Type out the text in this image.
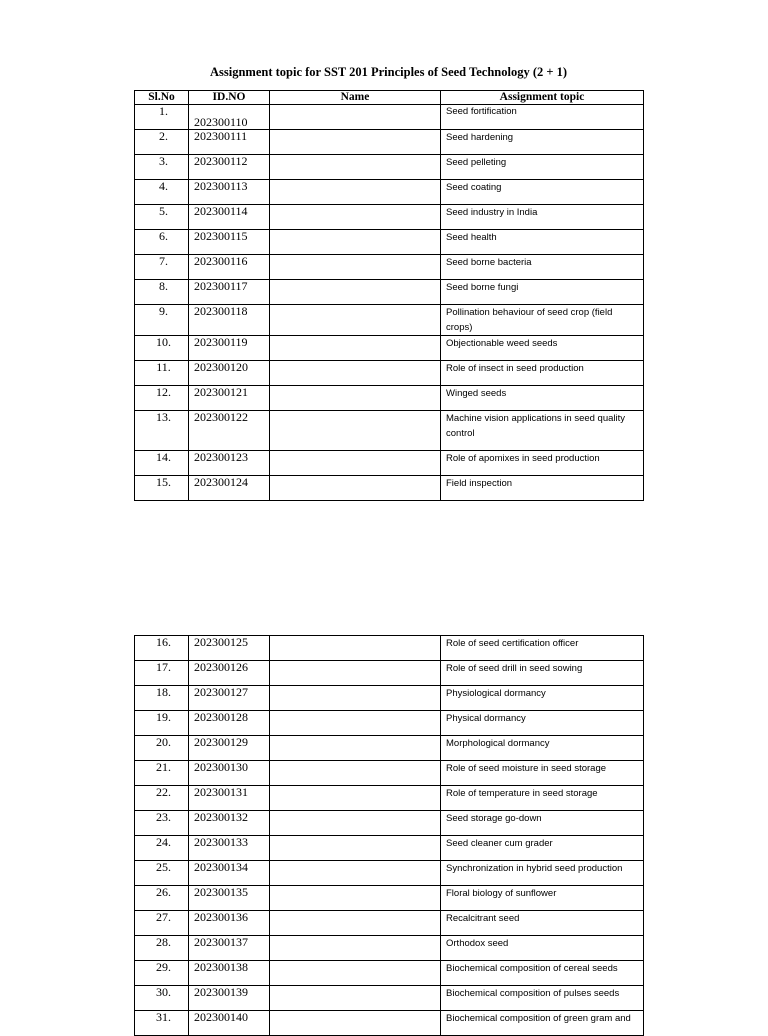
Assignment topic for SST 201 Principles of Seed Technology (2 + 1)
Sl.No	ID.NO	Name	Assignment topic
1.	202300110		Seed fortification
2.	202300111		Seed hardening
3.	202300112		Seed pelleting
4.	202300113		Seed coating
5.	202300114		Seed industry in India
6.	202300115		Seed health
7.	202300116		Seed borne bacteria
8.	202300117		Seed borne fungi
9.	202300118		Pollination behaviour of seed crop (field crops)
10.	202300119		Objectionable weed seeds
11.	202300120		Role of insect in seed production
12.	202300121		Winged seeds
13.	202300122		Machine vision applications in seed quality control
14.	202300123		Role of apomixes in seed production
15.	202300124		Field inspection
16.	202300125		Role of seed certification officer
17.	202300126		Role of seed drill in seed sowing
18.	202300127		Physiological dormancy
19.	202300128		Physical dormancy
20.	202300129		Morphological dormancy
21.	202300130		Role of seed moisture in seed storage
22.	202300131		Role of temperature in seed storage
23.	202300132		Seed storage go-down
24.	202300133		Seed cleaner cum grader
25.	202300134		Synchronization in hybrid seed production
26.	202300135		Floral biology of sunflower
27.	202300136		Recalcitrant seed
28.	202300137		Orthodox seed
29.	202300138		Biochemical composition of cereal seeds
30.	202300139		Biochemical composition of pulses seeds
31.	202300140		Biochemical composition of green gram and
